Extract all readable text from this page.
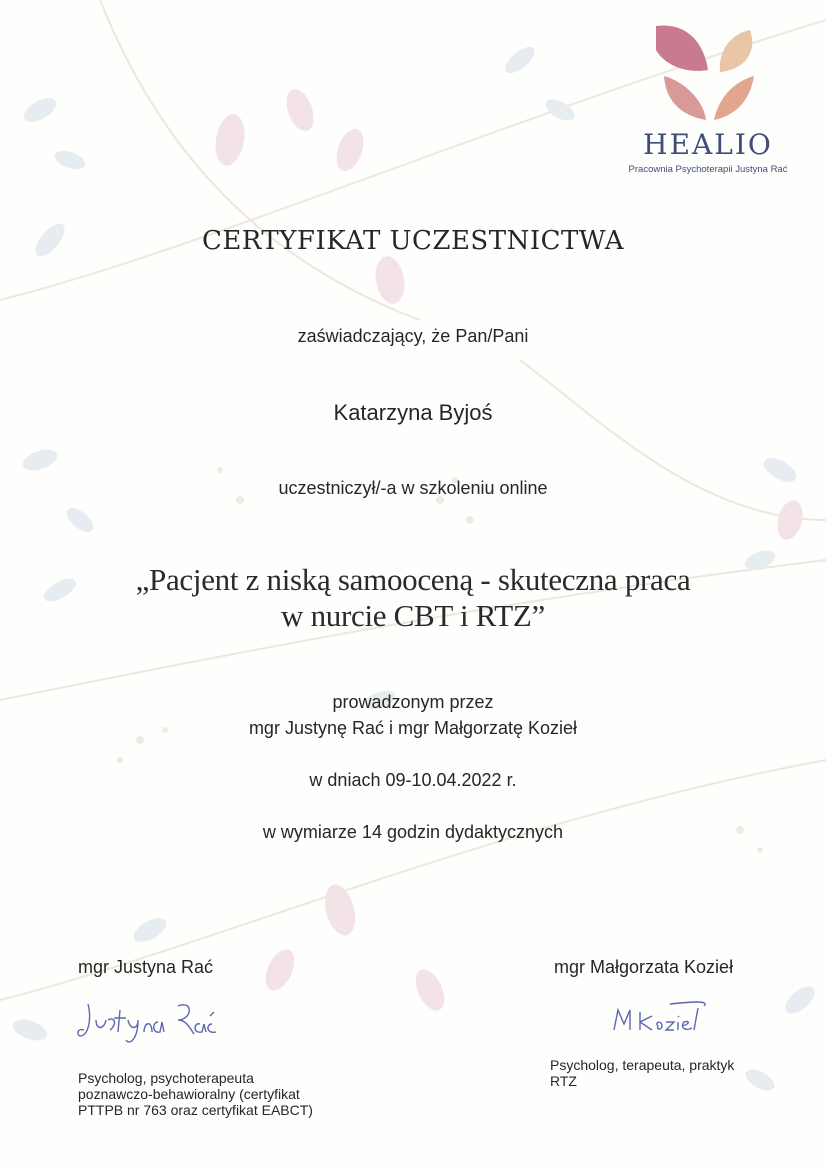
HEALIO
Pracownia Psychoterapii Justyna Rać
CERTYFIKAT UCZESTNICTWA
zaświadczający, że Pan/Pani
Katarzyna Byjoś
uczestniczył/-a w szkoleniu online
„Pacjent z niską samooceną - skuteczna praca
w nurcie CBT i RTZ”
prowadzonym przez
mgr Justynę Rać i mgr Małgorzatę Kozieł
w dniach 09-10.04.2022 r.
w wymiarze 14 godzin dydaktycznych
mgr Justyna Rać
Psycholog, psychoterapeuta
poznawczo-behawioralny (certyfikat
PTTPB nr 763 oraz certyfikat EABCT)
mgr Małgorzata Kozieł
Psycholog, terapeuta, praktyk
RTZ
